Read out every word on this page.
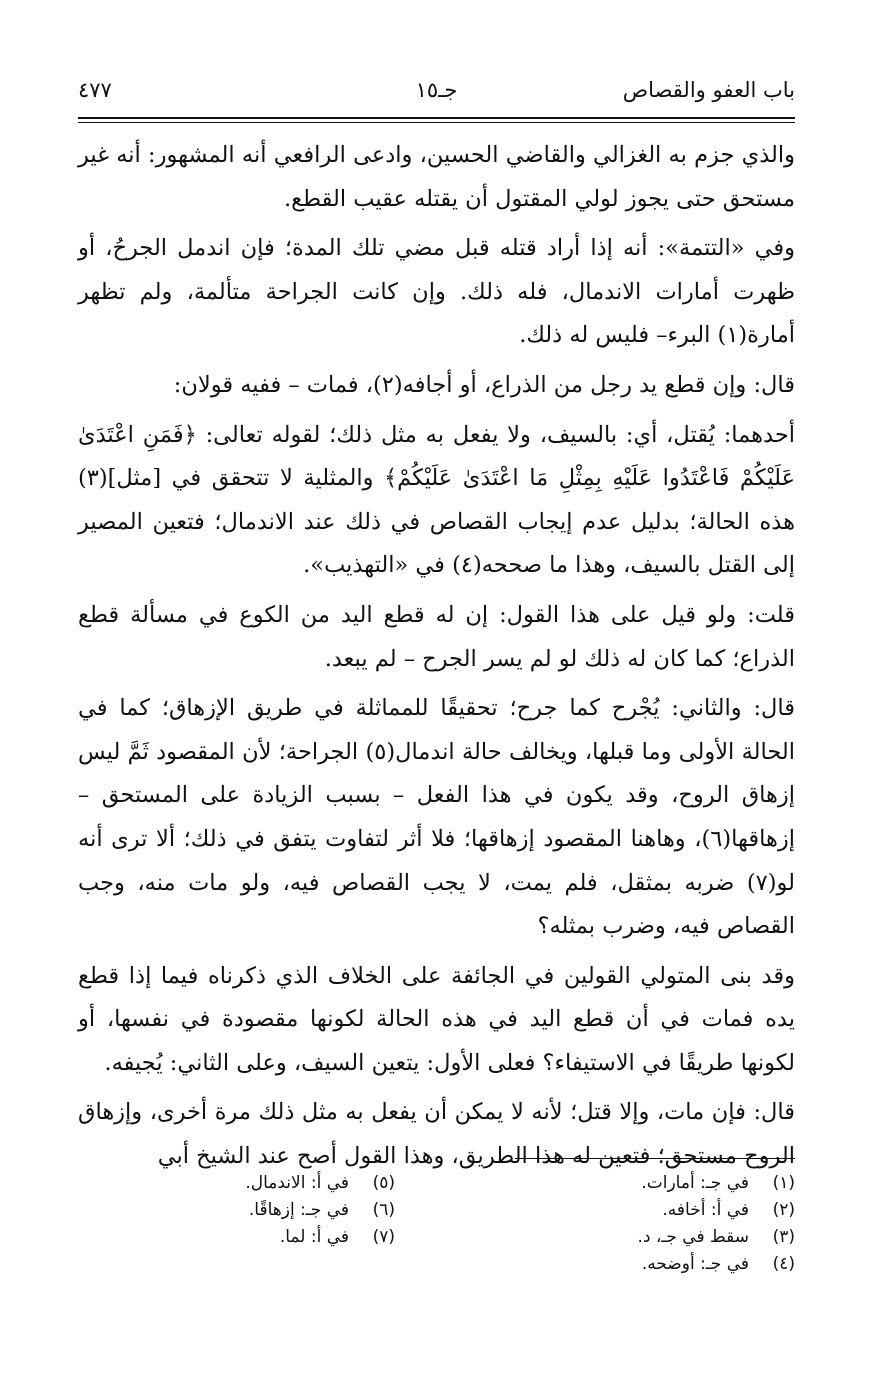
باب العفو والقصاص
جـ١٥
٤٧٧

والذي جزم به الغزالي والقاضي الحسين، وادعى الرافعي أنه المشهور: أنه غير مستحق حتى يجوز لولي المقتول أن يقتله عقيب القطع.

وفي «التتمة»: أنه إذا أراد قتله قبل مضي تلك المدة؛ فإن اندمل الجرحُ، أو ظهرت أمارات الاندمال، فله ذلك. وإن كانت الجراحة متألمة، ولم تظهر أمارة(١) البرء– فليس له ذلك.

قال: وإن قطع يد رجل من الذراع، أو أجافه(٢)، فمات – ففيه قولان:

أحدهما: يُقتل، أي: بالسيف، ولا يفعل به مثل ذلك؛ لقوله تعالى: ﴿فَمَنِ اعْتَدَىٰ عَلَيْكُمْ فَاعْتَدُوا عَلَيْهِ بِمِثْلِ مَا اعْتَدَىٰ عَلَيْكُمْ﴾ والمثلية لا تتحقق في [مثل](٣) هذه الحالة؛ بدليل عدم إيجاب القصاص في ذلك عند الاندمال؛ فتعين المصير إلى القتل بالسيف، وهذا ما صححه(٤) في «التهذيب».

قلت: ولو قيل على هذا القول: إن له قطع اليد من الكوع في مسألة قطع الذراع؛ كما كان له ذلك لو لم يسر الجرح – لم يبعد.

قال: والثاني: يُجْرح كما جرح؛ تحقيقًا للمماثلة في طريق الإزهاق؛ كما في الحالة الأولى وما قبلها، ويخالف حالة اندمال(٥) الجراحة؛ لأن المقصود ثَمَّ ليس إزهاق الروح، وقد يكون في هذا الفعل – بسبب الزيادة على المستحق – إزهاقها(٦)، وهاهنا المقصود إزهاقها؛ فلا أثر لتفاوت يتفق في ذلك؛ ألا ترى أنه لو(٧) ضربه بمثقل، فلم يمت، لا يجب القصاص فيه، ولو مات منه، وجب القصاص فيه، وضرب بمثله؟

وقد بنى المتولي القولين في الجائفة على الخلاف الذي ذكرناه فيما إذا قطع يده فمات في أن قطع اليد في هذه الحالة لكونها مقصودة في نفسها، أو لكونها طريقًا في الاستيفاء؟ فعلى الأول: يتعين السيف، وعلى الثاني: يُجيفه.

قال: فإن مات، وإلا قتل؛ لأنه لا يمكن أن يفعل به مثل ذلك مرة أخرى، وإزهاق الروح مستحق؛ فتعين له هذا الطريق، وهذا القول أصح عند الشيخ أبي

(١)في جـ: أمارات.
(٢)في أ: أخافه.
(٣)سقط في جـ، د.
(٤)في جـ: أوضحه.
(٥)في أ: الاندمال.
(٦)في جـ: إزهاقًا.
(٧)في أ: لما.
